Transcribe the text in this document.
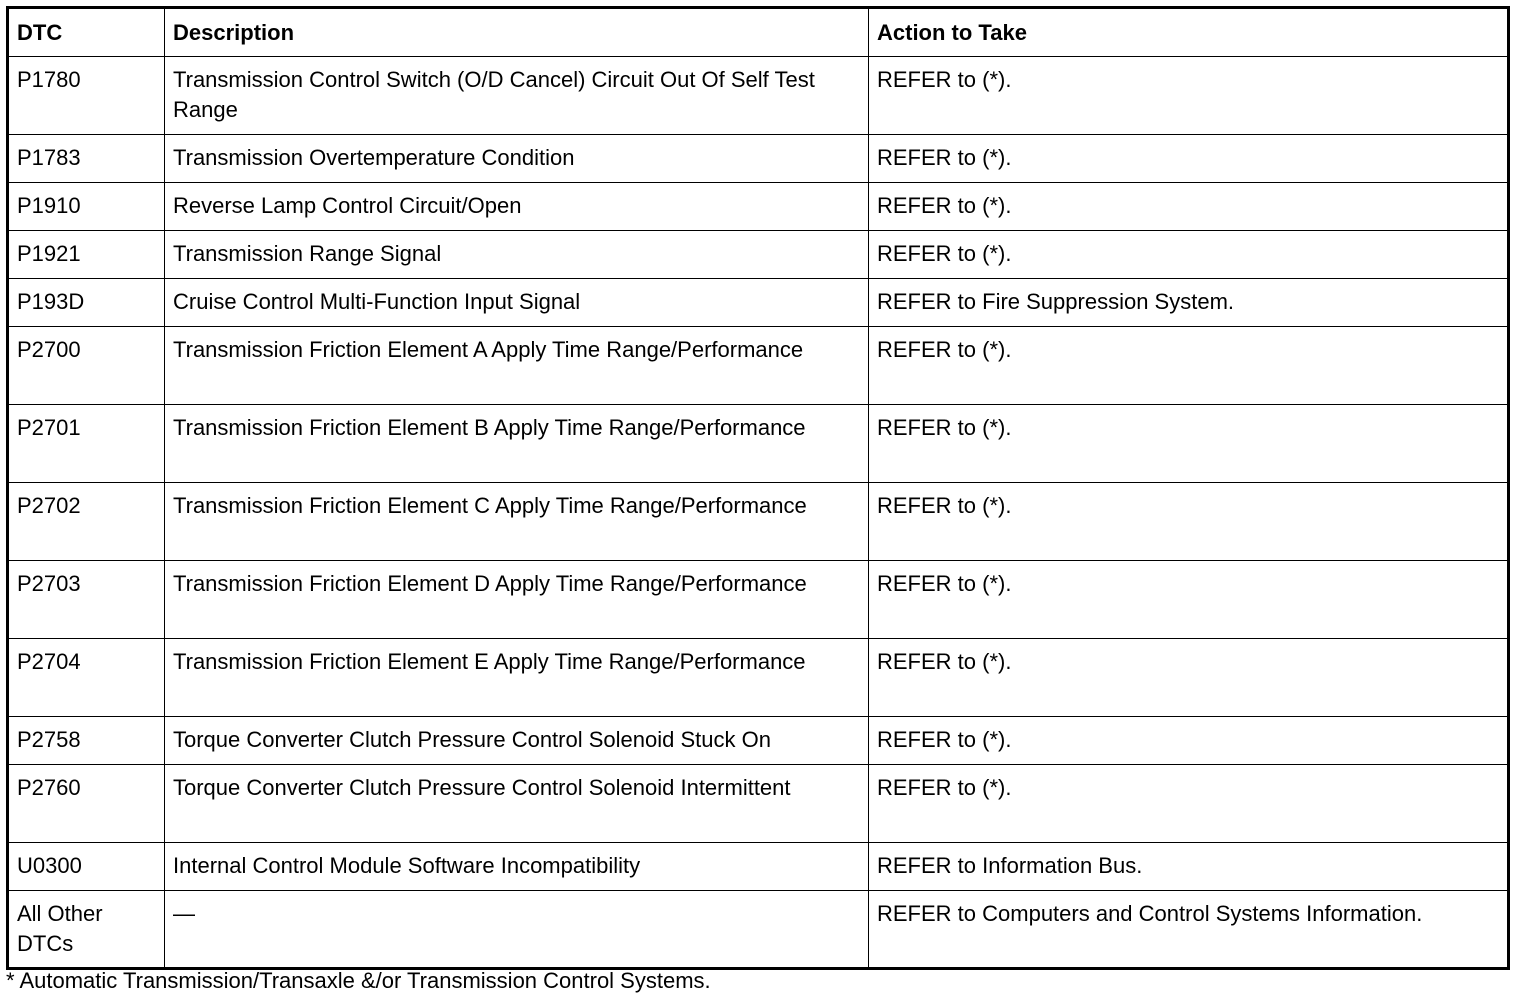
DTC	Description	Action to Take
P1780	Transmission Control Switch (O/D Cancel) Circuit Out Of Self Test Range	REFER to (*).
P1783	Transmission Overtemperature Condition	REFER to (*).
P1910	Reverse Lamp Control Circuit/Open	REFER to (*).
P1921	Transmission Range Signal	REFER to (*).
P193D	Cruise Control Multi-Function Input Signal	REFER to Fire Suppression System.
P2700	Transmission Friction Element A Apply Time Range/Performance	REFER to (*).
P2701	Transmission Friction Element B Apply Time Range/Performance	REFER to (*).
P2702	Transmission Friction Element C Apply Time Range/Performance	REFER to (*).
P2703	Transmission Friction Element D Apply Time Range/Performance	REFER to (*).
P2704	Transmission Friction Element E Apply Time Range/Performance	REFER to (*).
P2758	Torque Converter Clutch Pressure Control Solenoid Stuck On	REFER to (*).
P2760	Torque Converter Clutch Pressure Control Solenoid Intermittent	REFER to (*).
U0300	Internal Control Module Software Incompatibility	REFER to Information Bus.
All Other DTCs	—	REFER to Computers and Control Systems Information.
* Automatic Transmission/Transaxle &/or Transmission Control Systems.
